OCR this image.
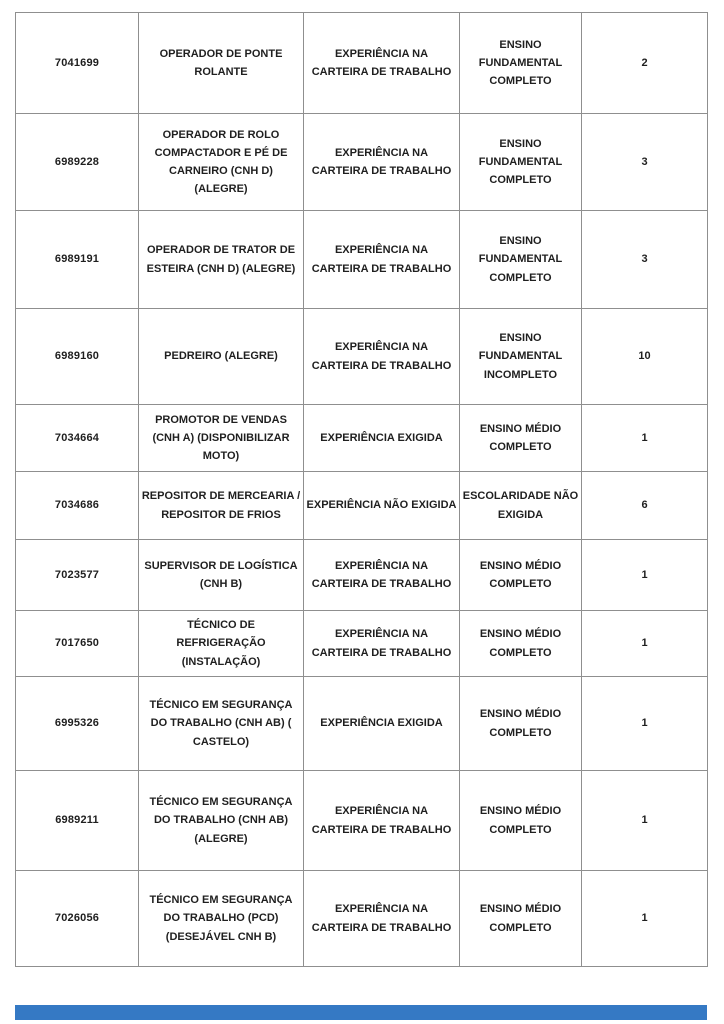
7041699	OPERADOR DE PONTE ROLANTE	EXPERIÊNCIA NA CARTEIRA DE TRABALHO	ENSINO FUNDAMENTAL COMPLETO	2
6989228	OPERADOR DE ROLO COMPACTADOR E PÉ DE CARNEIRO (CNH D) (ALEGRE)	EXPERIÊNCIA NA CARTEIRA DE TRABALHO	ENSINO FUNDAMENTAL COMPLETO	3
6989191	OPERADOR DE TRATOR DE ESTEIRA (CNH D) (ALEGRE)	EXPERIÊNCIA NA CARTEIRA DE TRABALHO	ENSINO FUNDAMENTAL COMPLETO	3
6989160	PEDREIRO (ALEGRE)	EXPERIÊNCIA NA CARTEIRA DE TRABALHO	ENSINO FUNDAMENTAL INCOMPLETO	10
7034664	PROMOTOR DE VENDAS (CNH A) (DISPONIBILIZAR MOTO)	EXPERIÊNCIA EXIGIDA	ENSINO MÉDIO COMPLETO	1
7034686	REPOSITOR DE MERCEARIA / REPOSITOR DE FRIOS	EXPERIÊNCIA NÃO EXIGIDA	ESCOLARIDADE NÃO EXIGIDA	6
7023577	SUPERVISOR DE LOGÍSTICA (CNH B)	EXPERIÊNCIA NA CARTEIRA DE TRABALHO	ENSINO MÉDIO COMPLETO	1
7017650	TÉCNICO DE REFRIGERAÇÃO (INSTALAÇÃO)	EXPERIÊNCIA NA CARTEIRA DE TRABALHO	ENSINO MÉDIO COMPLETO	1
6995326	TÉCNICO EM SEGURANÇA DO TRABALHO (CNH AB) ( CASTELO)	EXPERIÊNCIA EXIGIDA	ENSINO MÉDIO COMPLETO	1
6989211	TÉCNICO EM SEGURANÇA DO TRABALHO (CNH AB) (ALEGRE)	EXPERIÊNCIA NA CARTEIRA DE TRABALHO	ENSINO MÉDIO COMPLETO	1
7026056	TÉCNICO EM SEGURANÇA DO TRABALHO (PCD) (DESEJÁVEL CNH B)	EXPERIÊNCIA NA CARTEIRA DE TRABALHO	ENSINO MÉDIO COMPLETO	1
